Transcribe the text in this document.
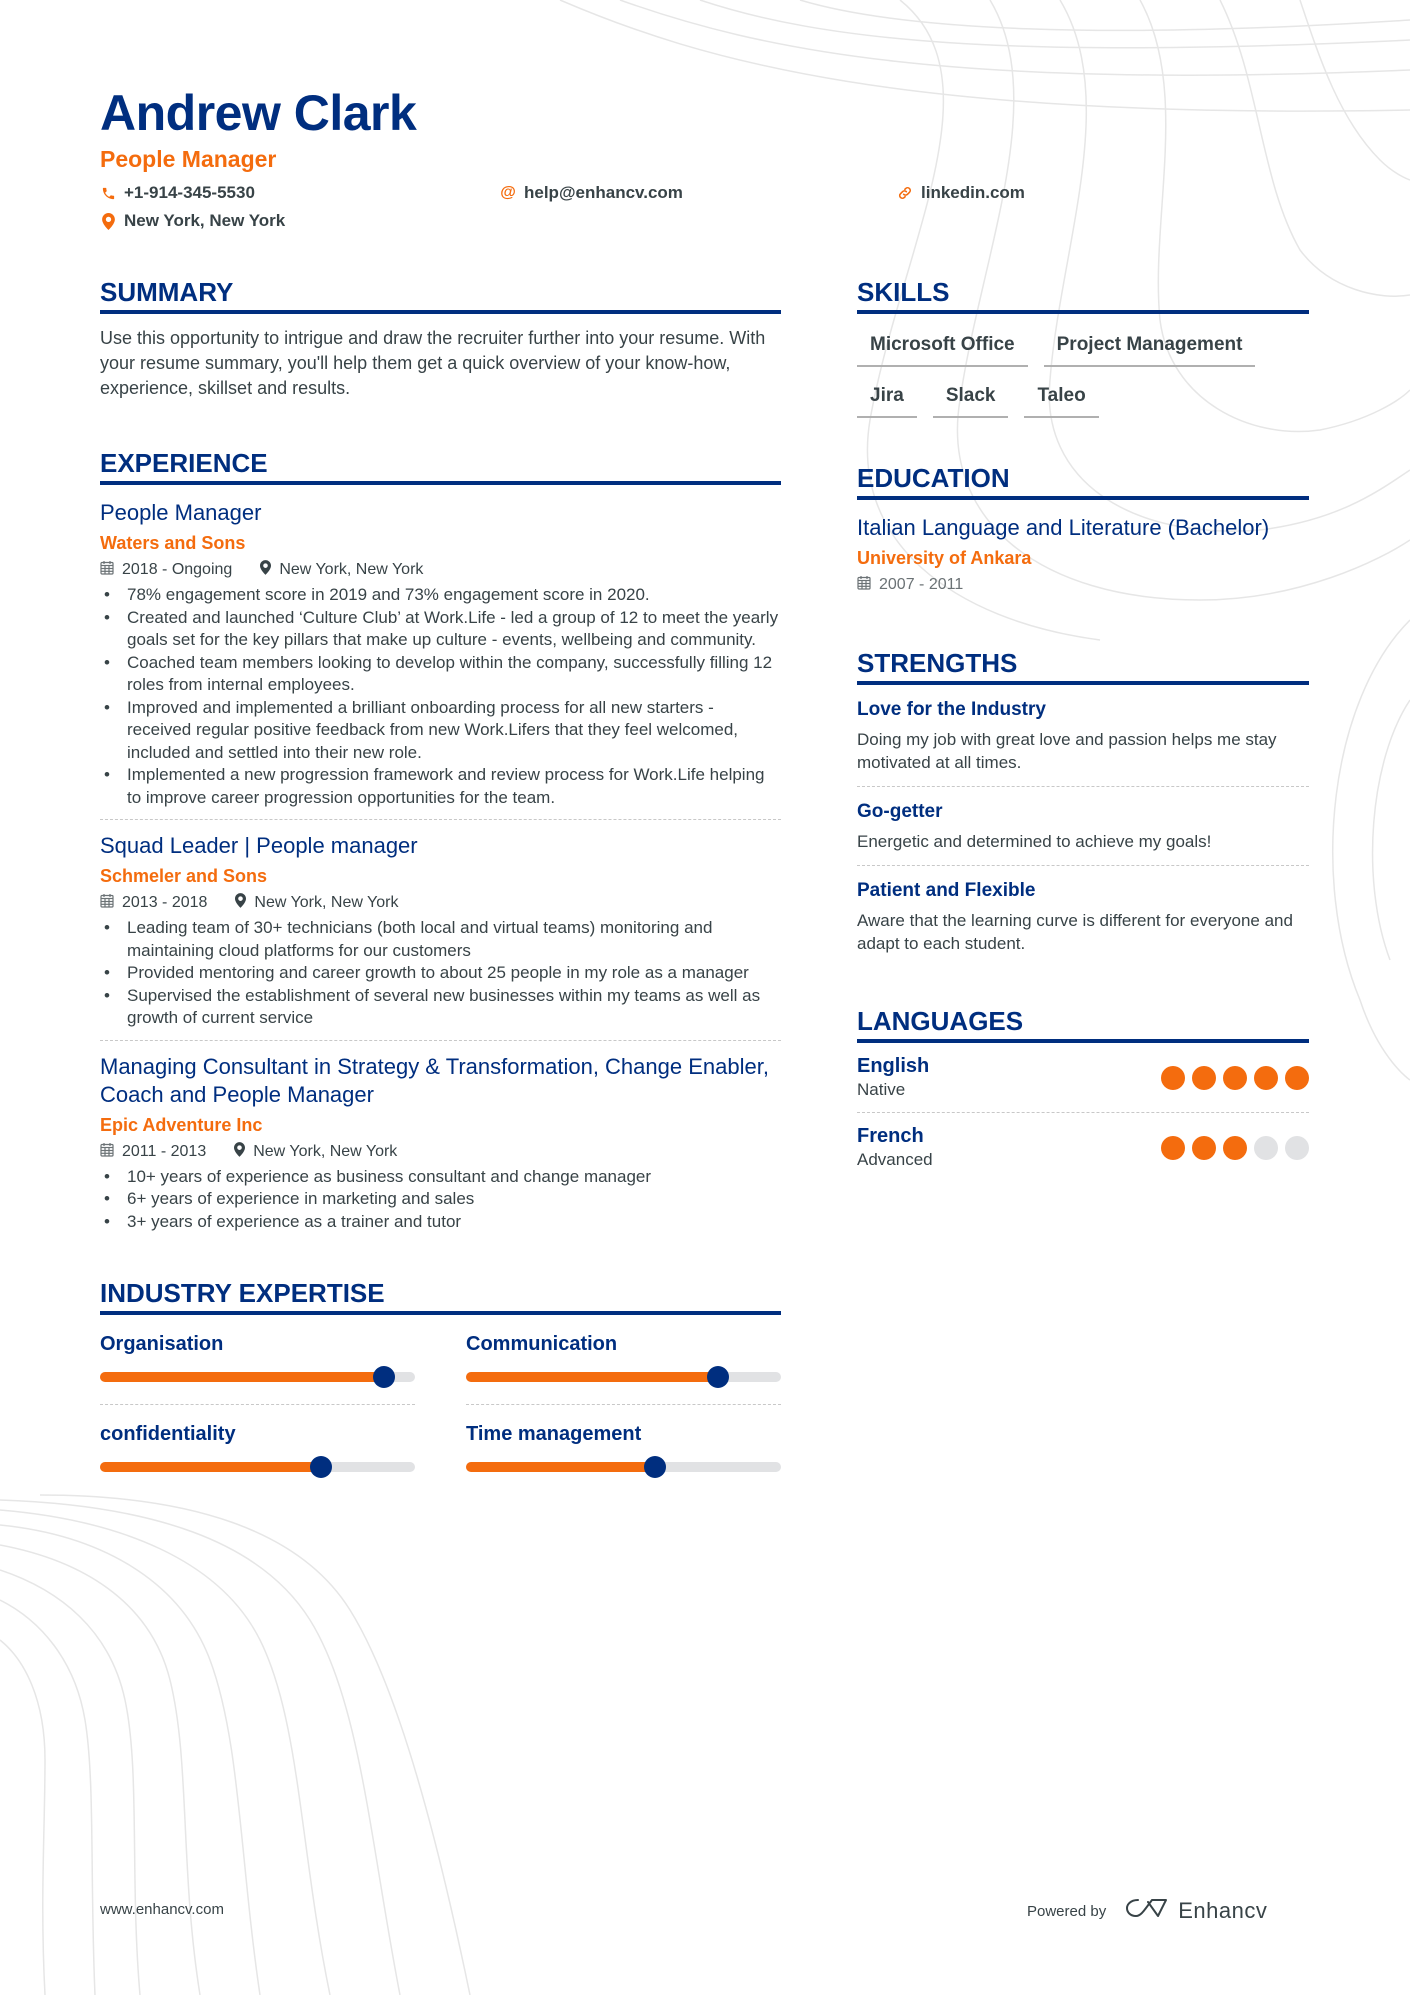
Andrew Clark
People Manager
+1-914-345-5530	@ help@enhancv.com	linkedin.com
New York, New York
SUMMARY

Use this opportunity to intrigue and draw the recruiter further into your resume. With your resume summary, you'll help them get a quick overview of your know-how, experience, skillset and results.

EXPERIENCE
People Manager
Waters and Sons
2018 - Ongoing	New York, New York
• 78% engagement score in 2019 and 73% engagement score in 2020.
• Created and launched ‘Culture Club’ at Work.Life - led a group of 12 to meet the yearly goals set for the key pillars that make up culture - events, wellbeing and community.
• Coached team members looking to develop within the company, successfully filling 12 roles from internal employees.
• Improved and implemented a brilliant onboarding process for all new starters - received regular positive feedback from new Work.Lifers that they feel welcomed, included and settled into their new role.
• Implemented a new progression framework and review process for Work.Life helping to improve career progression opportunities for the team.
Squad Leader | People manager
Schmeler and Sons
2013 - 2018	New York, New York
• Leading team of 30+ technicians (both local and virtual teams) monitoring and maintaining cloud platforms for our customers
• Provided mentoring and career growth to about 25 people in my role as a manager
• Supervised the establishment of several new businesses within my teams as well as growth of current service
Managing Consultant in Strategy & Transformation, Change Enabler, Coach and People Manager
Epic Adventure Inc
2011 - 2013	New York, New York
• 10+ years of experience as business consultant and change manager
• 6+ years of experience in marketing and sales
• 3+ years of experience as a trainer and tutor
INDUSTRY EXPERTISE
Organisation	Communication
confidentiality	Time management
SKILLS
Microsoft Office	Project Management
Jira	Slack	Taleo
EDUCATION
Italian Language and Literature (Bachelor)
University of Ankara
2007 - 2011
STRENGTHS
Love for the Industry
Doing my job with great love and passion helps me stay motivated at all times.
Go-getter
Energetic and determined to achieve my goals!
Patient and Flexible
Aware that the learning curve is different for everyone and adapt to each student.
LANGUAGES
English
Native
French
Advanced
www.enhancv.com	Powered by	Enhancv
